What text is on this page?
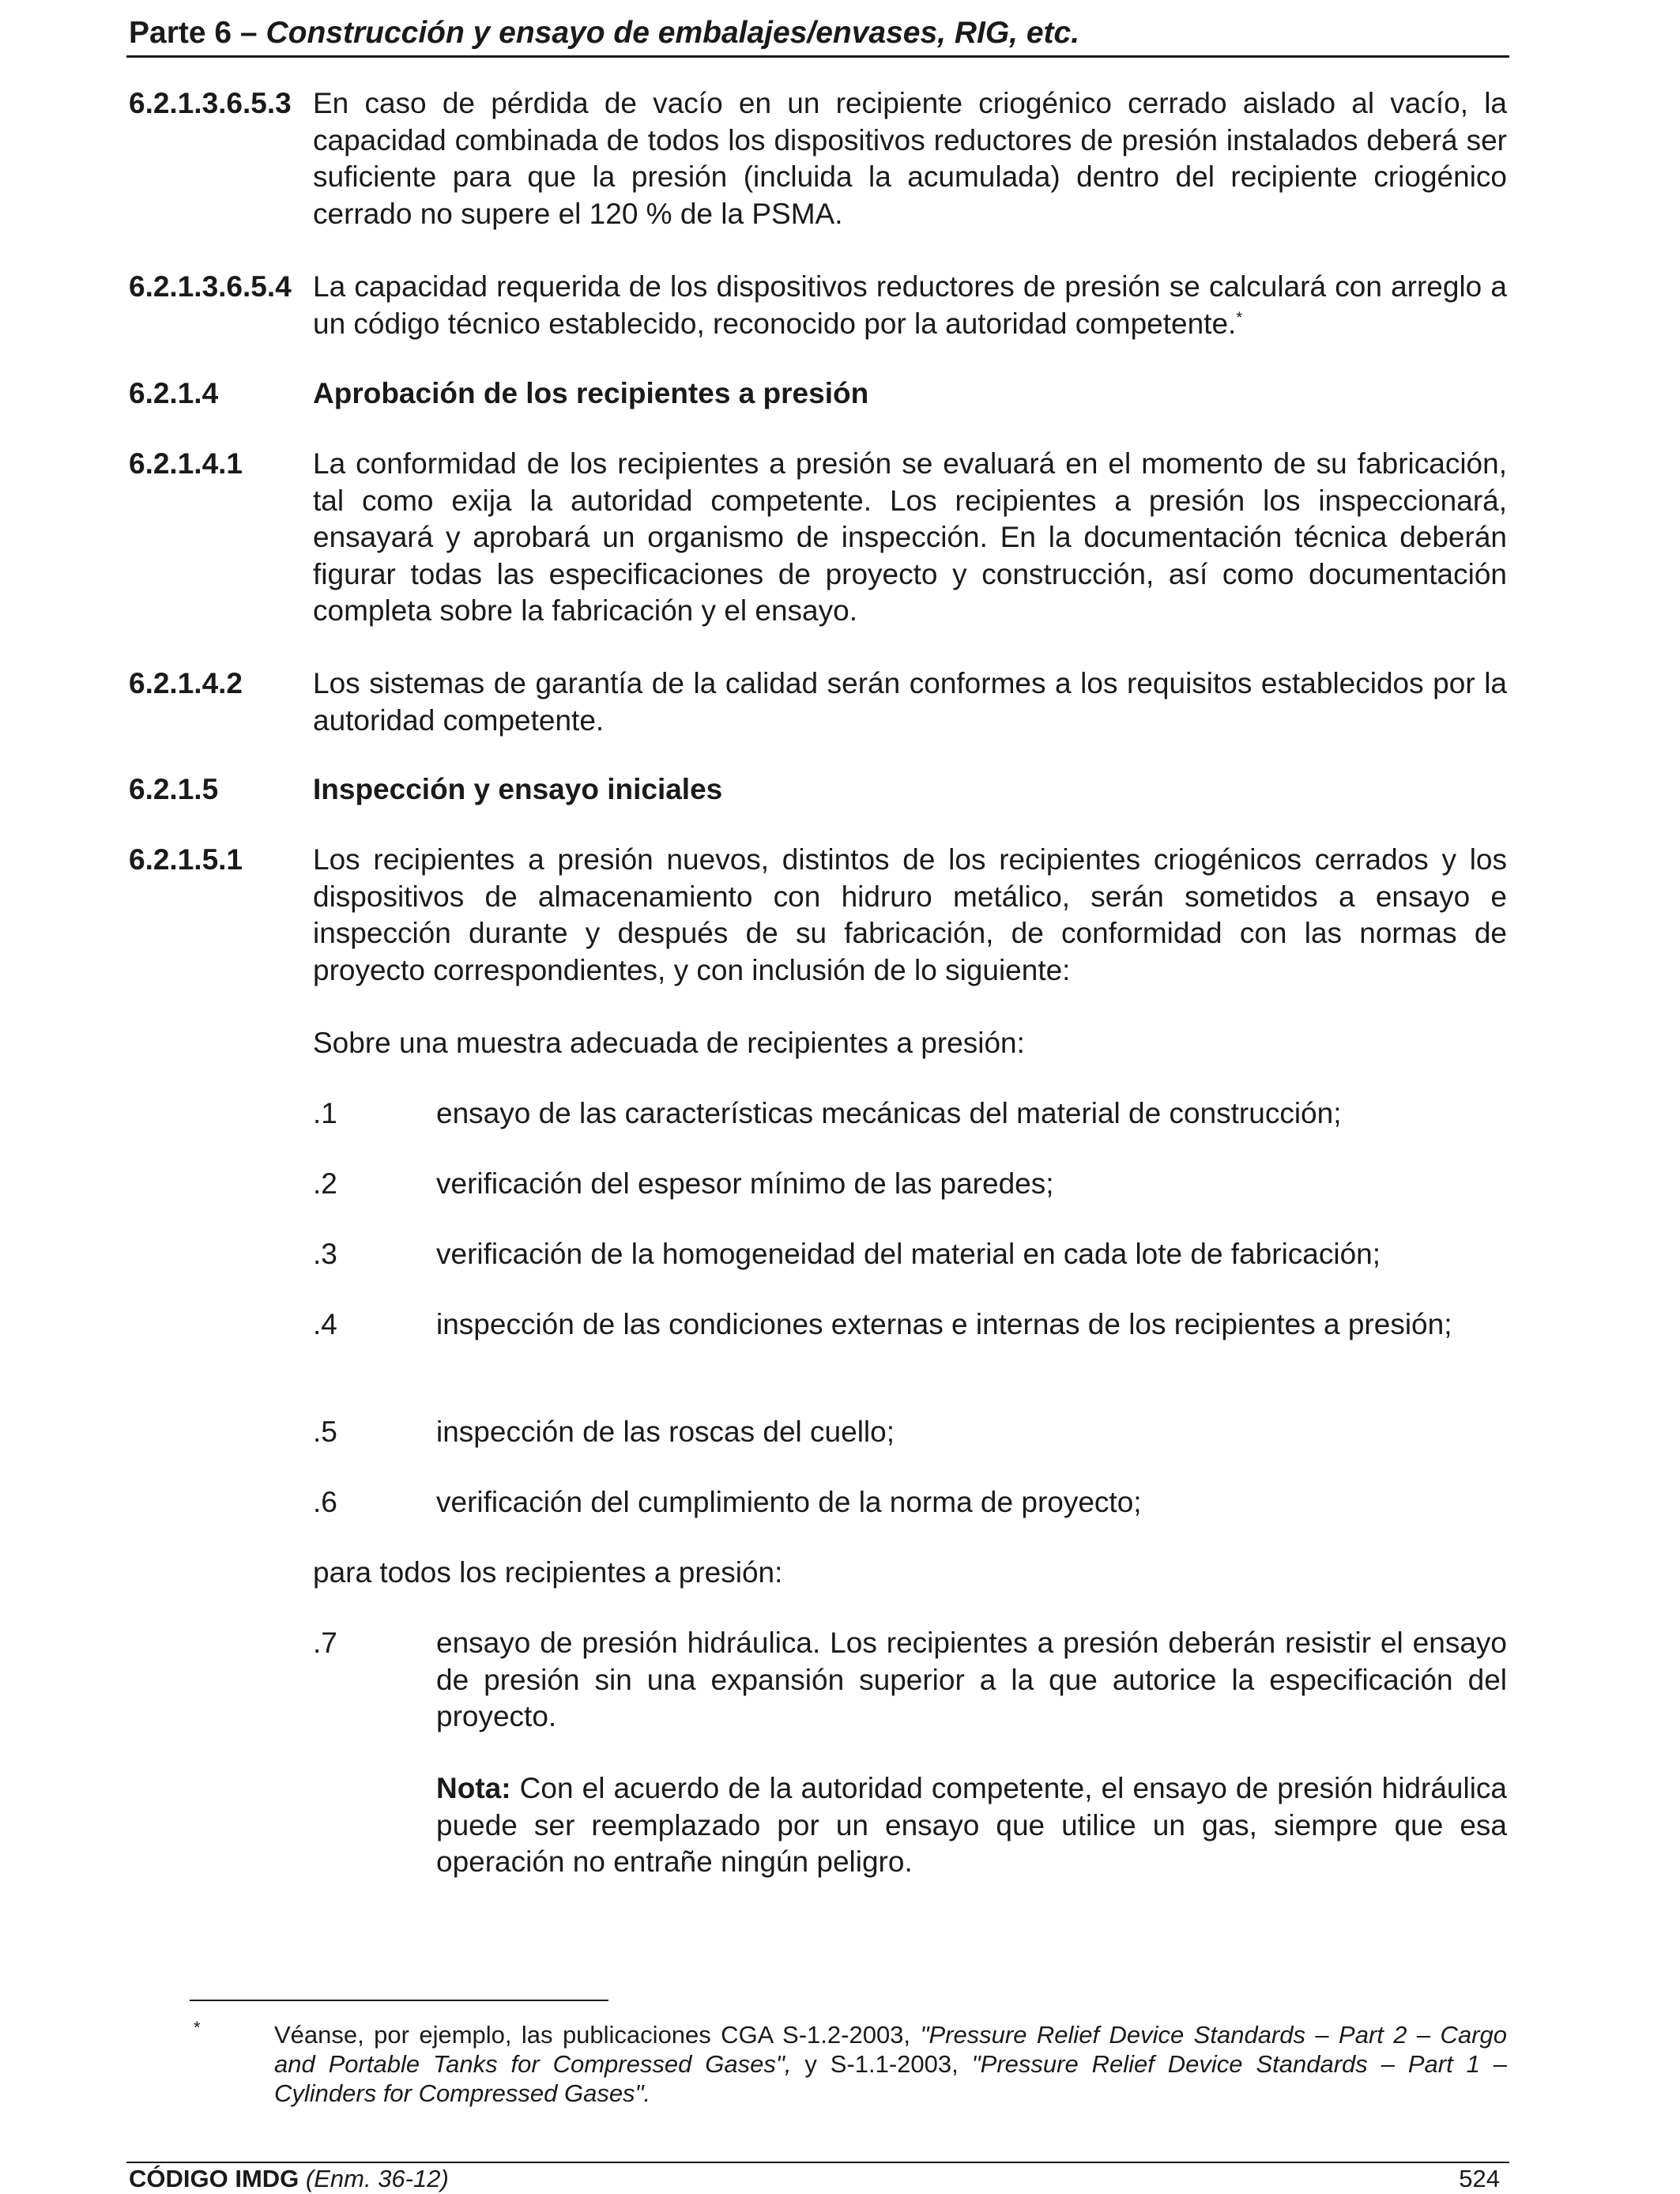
Parte 6 – Construcción y ensayo de embalajes/envases, RIG, etc.
6.2.1.3.6.5.3 En caso de pérdida de vacío en un recipiente criogénico cerrado aislado al vacío, la capacidad combinada de todos los dispositivos reductores de presión instalados deberá ser suficiente para que la presión (incluida la acumulada) dentro del recipiente criogénico cerrado no supere el 120 % de la PSMA.
6.2.1.3.6.5.4 La capacidad requerida de los dispositivos reductores de presión se calculará con arreglo a un código técnico establecido, reconocido por la autoridad competente.*
6.2.1.4	Aprobación de los recipientes a presión
6.2.1.4.1 La conformidad de los recipientes a presión se evaluará en el momento de su fabricación, tal como exija la autoridad competente. Los recipientes a presión los inspeccionará, ensayará y aprobará un organismo de inspección. En la documentación técnica deberán figurar todas las especificaciones de proyecto y construcción, así como documentación completa sobre la fabricación y el ensayo.
6.2.1.4.2 Los sistemas de garantía de la calidad serán conformes a los requisitos establecidos por la autoridad competente.
6.2.1.5	Inspección y ensayo iniciales
6.2.1.5.1 Los recipientes a presión nuevos, distintos de los recipientes criogénicos cerrados y los dispositivos de almacenamiento con hidruro metálico, serán sometidos a ensayo e inspección durante y después de su fabricación, de conformidad con las normas de proyecto correspondientes, y con inclusión de lo siguiente:
Sobre una muestra adecuada de recipientes a presión:
.1	ensayo de las características mecánicas del material de construcción;
.2	verificación del espesor mínimo de las paredes;
.3	verificación de la homogeneidad del material en cada lote de fabricación;
.4	inspección de las condiciones externas e internas de los recipientes a presión;
.5	inspección de las roscas del cuello;
.6	verificación del cumplimiento de la norma de proyecto;
para todos los recipientes a presión:
.7	ensayo de presión hidráulica. Los recipientes a presión deberán resistir el ensayo de presión sin una expansión superior a la que autorice la especificación del proyecto.
Nota: Con el acuerdo de la autoridad competente, el ensayo de presión hidráulica puede ser reemplazado por un ensayo que utilice un gas, siempre que esa operación no entrañe ningún peligro.
*	Véanse, por ejemplo, las publicaciones CGA S-1.2-2003, "Pressure Relief Device Standards – Part 2 – Cargo and Portable Tanks for Compressed Gases", y S-1.1-2003, "Pressure Relief Device Standards – Part 1 – Cylinders for Compressed Gases".
CÓDIGO IMDG (Enm. 36-12)	524
